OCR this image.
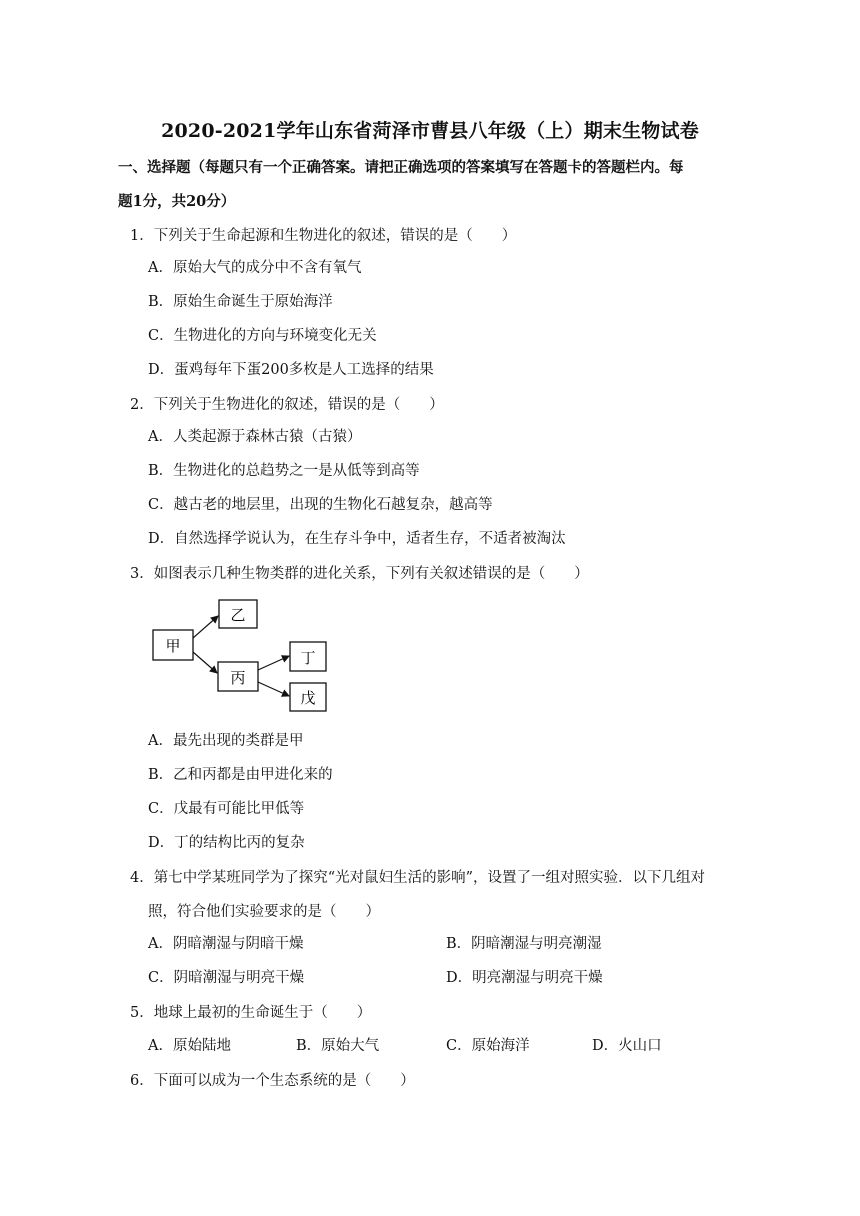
2020-2021学年山东省菏泽市曹县八年级（上）期末生物试卷
一、选择题（每题只有一个正确答案。请把正确选项的答案填写在答题卡的答题栏内。每
题1分，共20分）
1．下列关于生命起源和生物进化的叙述，错误的是（　　）
A．原始大气的成分中不含有氧气
B．原始生命诞生于原始海洋
C．生物进化的方向与环境变化无关
D．蛋鸡每年下蛋200多枚是人工选择的结果
2．下列关于生物进化的叙述，错误的是（　　）
A．人类起源于森林古猿（古猿）
B．生物进化的总趋势之一是从低等到高等
C．越古老的地层里，出现的生物化石越复杂，越高等
D．自然选择学说认为，在生存斗争中，适者生存，不适者被淘汰
3．如图表示几种生物类群的进化关系，下列有关叙述错误的是（　　）
甲
乙
丙
丁
戊
A．最先出现的类群是甲
B．乙和丙都是由甲进化来的
C．戊最有可能比甲低等
D．丁的结构比丙的复杂
4．第七中学某班同学为了探究“光对鼠妇生活的影响”，设置了一组对照实验．以下几组对
照，符合他们实验要求的是（　　）
A．阴暗潮湿与阴暗干燥	B．阴暗潮湿与明亮潮湿
C．阴暗潮湿与明亮干燥	D．明亮潮湿与明亮干燥
5．地球上最初的生命诞生于（　　）
A．原始陆地	B．原始大气	C．原始海洋	D．火山口
6．下面可以成为一个生态系统的是（　　）
